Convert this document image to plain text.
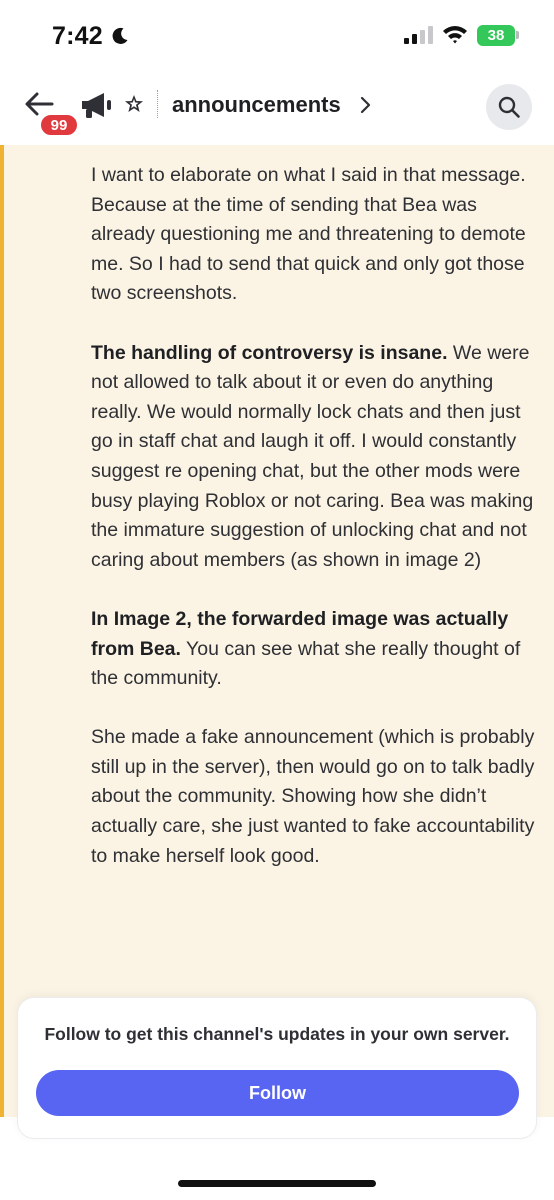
7:42	38
99
announcements

I want to elaborate on what I said in that message. Because at the time of sending that Bea was already questioning me and threatening to demote me. So I had to send that quick and only got those two screenshots.

The handling of controversy is insane. We were not allowed to talk about it or even do anything really. We would normally lock chats and then just go in staff chat and laugh it off. I would constantly suggest re opening chat, but the other mods were busy playing Roblox or not caring. Bea was making the immature suggestion of unlocking chat and not caring about members (as shown in image 2)

In Image 2, the forwarded image was actually from Bea. You can see what she really thought of the community.

She made a fake announcement (which is probably still up in the server), then would go on to talk badly about the community. Showing how she didn’t actually care, she just wanted to fake accountability to make herself look good.

Follow to get this channel's updates in your own server.
Follow
